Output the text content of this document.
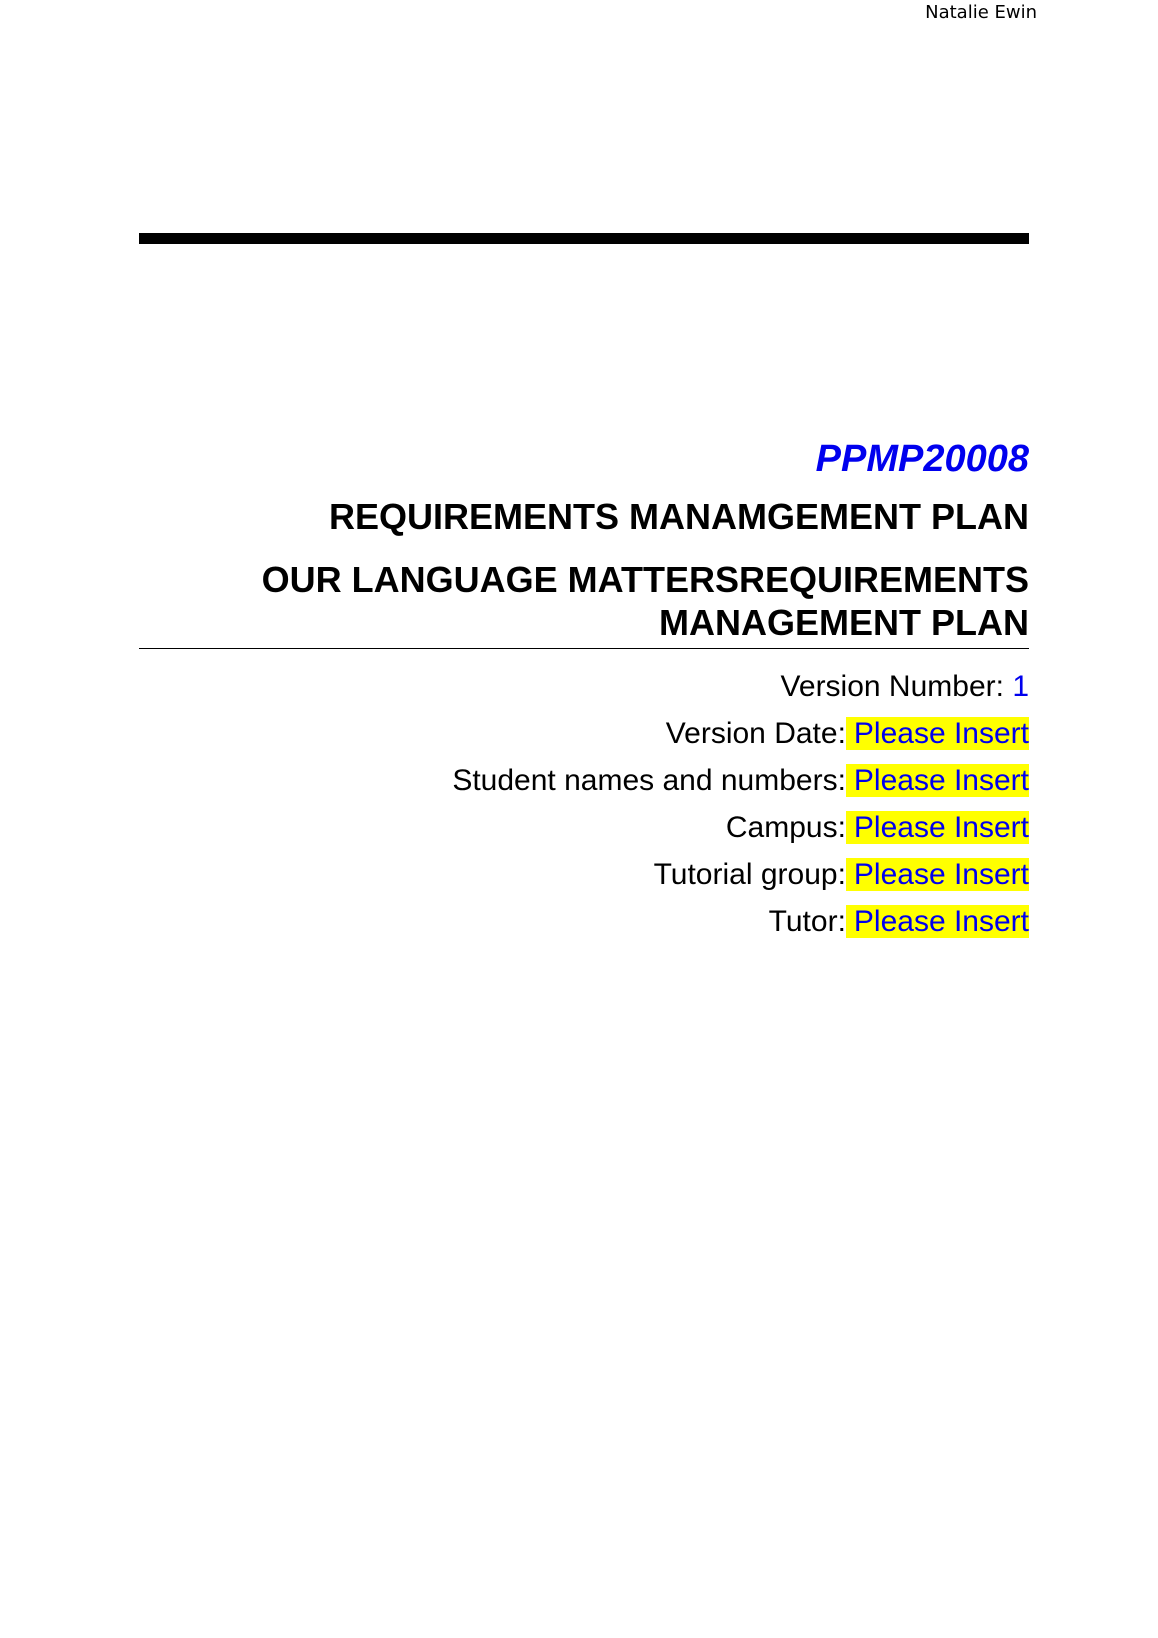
Natalie Ewin

PPMP20008

REQUIREMENTS MANAMGEMENT PLAN

OUR LANGUAGE MATTERSREQUIREMENTS
MANAGEMENT PLAN

Version Number: 1
Version Date: Please Insert
Student names and numbers: Please Insert
Campus: Please Insert
Tutorial group: Please Insert
Tutor: Please Insert
